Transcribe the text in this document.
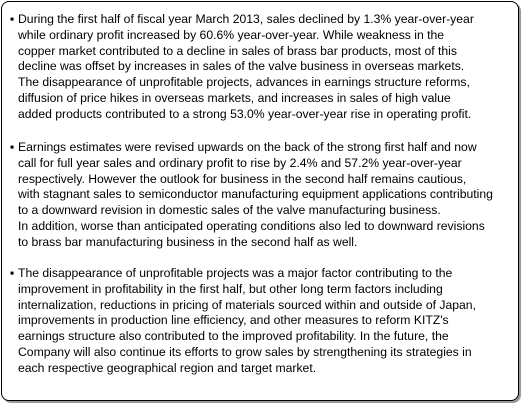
▪ During the first half of fiscal year March 2013, sales declined by 1.3% year-over-year
while ordinary profit increased by 60.6% year-over-year. While weakness in the
copper market contributed to a decline in sales of brass bar products, most of this
decline was offset by increases in sales of the valve business in overseas markets.
The disappearance of unprofitable projects, advances in earnings structure reforms,
diffusion of price hikes in overseas markets, and increases in sales of high value
added products contributed to a strong 53.0% year-over-year rise in operating profit.
▪ Earnings estimates were revised upwards on the back of the strong first half and now
call for full year sales and ordinary profit to rise by 2.4% and 57.2% year-over-year
respectively. However the outlook for business in the second half remains cautious,
with stagnant sales to semiconductor manufacturing equipment applications contributing
to a downward revision in domestic sales of the valve manufacturing business.
In addition, worse than anticipated operating conditions also led to downward revisions
to brass bar manufacturing business in the second half as well.
▪ The disappearance of unprofitable projects was a major factor contributing to the
improvement in profitability in the first half, but other long term factors including
internalization, reductions in pricing of materials sourced within and outside of Japan,
improvements in production line efficiency, and other measures to reform KITZ's
earnings structure also contributed to the improved profitability. In the future, the
Company will also continue its efforts to grow sales by strengthening its strategies in
each respective geographical region and target market.
